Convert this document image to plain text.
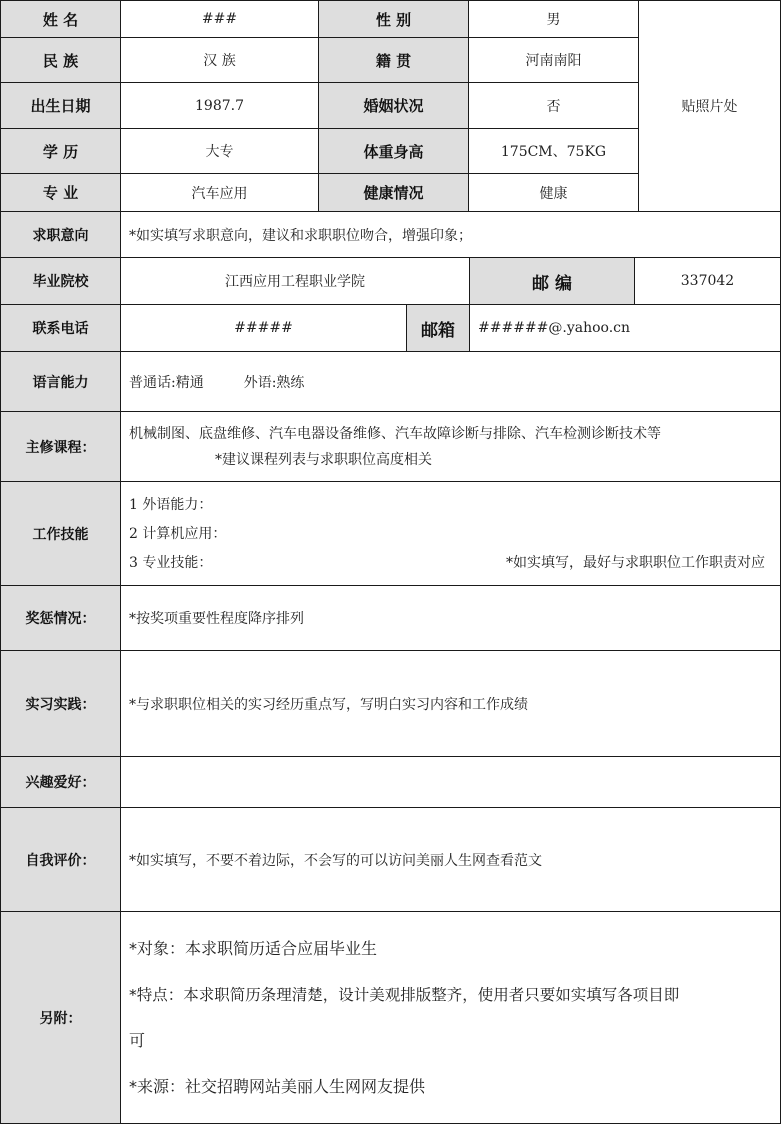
姓 名	###	性 别	男
贴照片处
民 族	汉 族	籍 贯	河南南阳
出生日期	1987.7	婚姻状况	否
学 历	大专	体重身高	175CM、75KG
专 业	汽车应用	健康情况	健康
求职意向	*如实填写求职意向，建议和求职职位吻合，增强印象；
毕业院校	江西应用工程职业学院	邮 编	337042
联系电话	#####	邮箱	######@.yahoo.cn
语言能力	普通话:精通	外语:熟练
主修课程：
机械制图、底盘维修、汽车电器设备维修、汽车故障诊断与排除、汽车检测诊断技术等
*建议课程列表与求职职位高度相关
工作技能
1 外语能力：
2 计算机应用：
3 专业技能：	*如实填写，最好与求职职位工作职责对应
奖惩情况：	*按奖项重要性程度降序排列
实习实践：	*与求职职位相关的实习经历重点写，写明白实习内容和工作成绩
兴趣爱好：
自我评价：	*如实填写，不要不着边际，不会写的可以访问美丽人生网查看范文
另附：
*对象：本求职简历适合应届毕业生
*特点：本求职简历条理清楚，设计美观排版整齐，使用者只要如实填写各项目即
可
*来源：社交招聘网站美丽人生网网友提供
